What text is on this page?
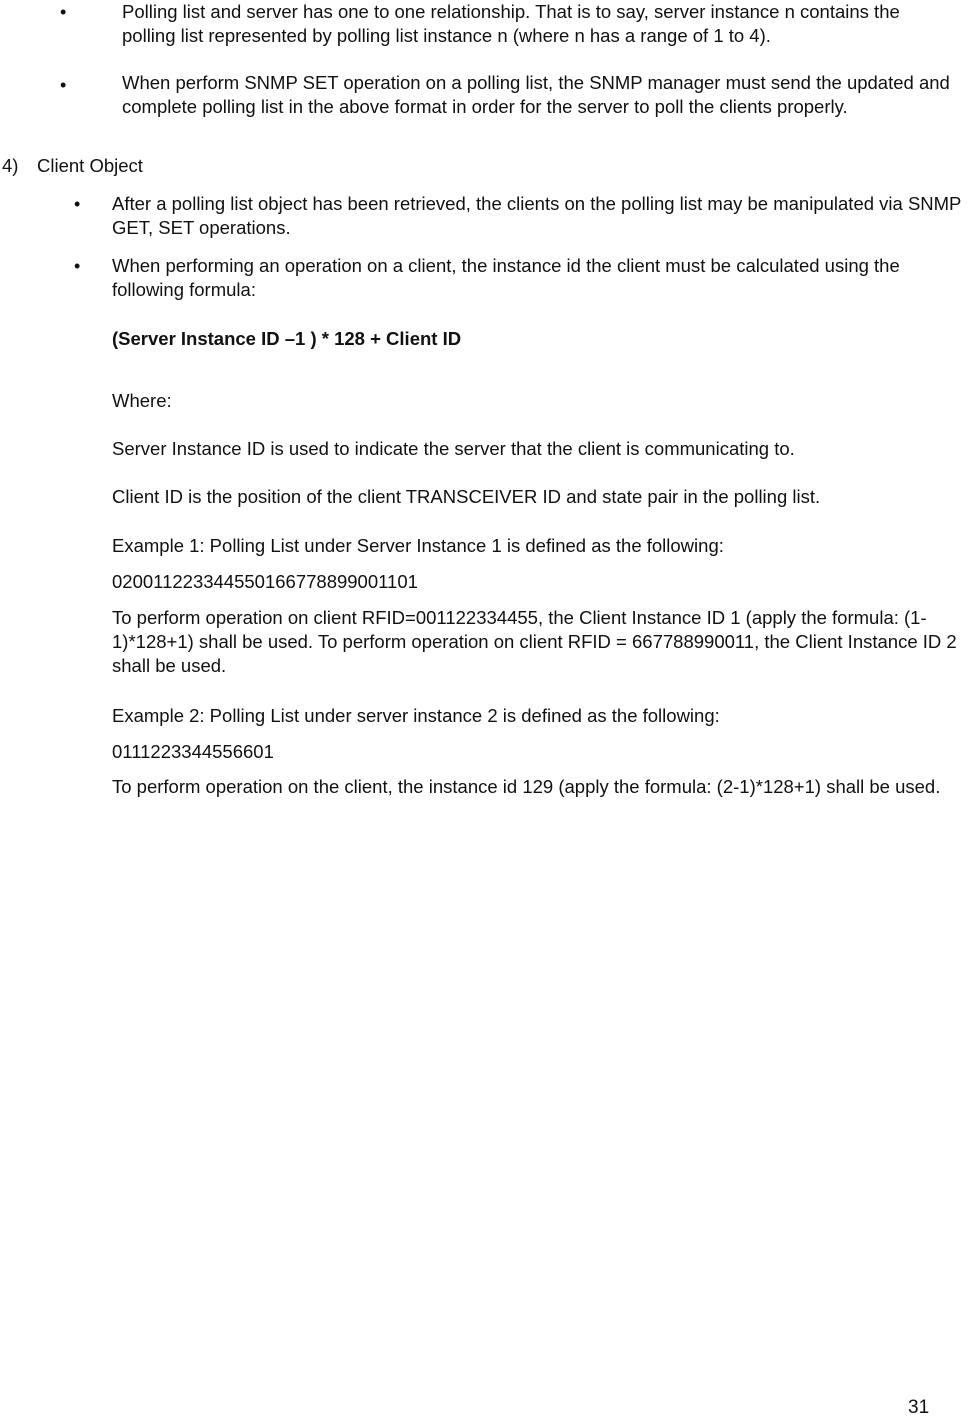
•	Polling list and server has one to one relationship. That is to say, server instance n contains the polling list represented by polling list instance n (where n has a range of 1 to 4).
•	When perform SNMP SET operation on a polling list, the SNMP manager must send the updated and complete polling list in the above format in order for the server to poll the clients properly.
4) Client Object
• After a polling list object has been retrieved, the clients on the polling list may be manipulated via SNMP GET, SET operations.
• When performing an operation on a client, the instance id the client must be calculated using the following formula:
(Server Instance ID –1 ) * 128 + Client ID
Where:
Server Instance ID is used to indicate the server that the client is communicating to.
Client ID is the position of the client TRANSCEIVER ID and state pair in the polling list.
Example 1: Polling List under Server Instance 1 is defined as the following:
020011223344550166778899001101
To perform operation on client RFID=001122334455, the Client Instance ID 1 (apply the formula: (1-1)*128+1) shall be used. To perform operation on client RFID = 667788990011, the Client Instance ID 2 shall be used.
Example 2: Polling List under server instance 2 is defined as the following:
0111223344556601
To perform operation on the client, the instance id 129 (apply the formula: (2-1)*128+1) shall be used.
31
